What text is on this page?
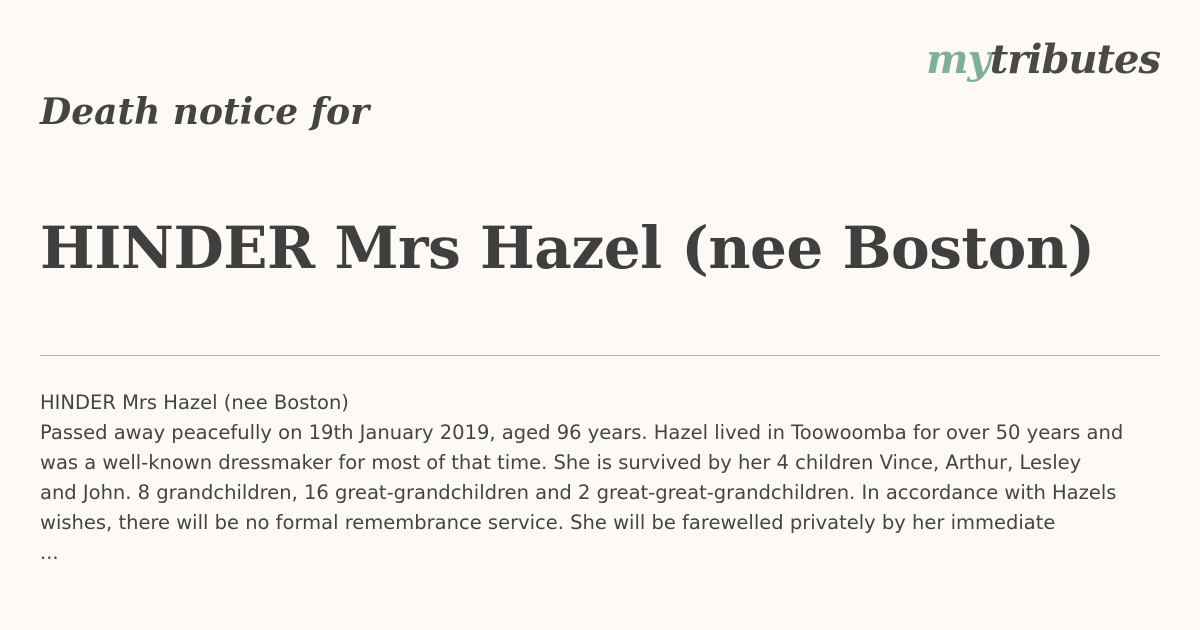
mytributes
Death notice for
HINDER Mrs Hazel (nee Boston)
HINDER Mrs Hazel (nee Boston)
Passed away peacefully on 19th January 2019, aged 96 years. Hazel lived in Toowoomba for over 50 years and
was a well-known dressmaker for most of that time. She is survived by her 4 children Vince, Arthur, Lesley
and John. 8 grandchildren, 16 great-grandchildren and 2 great-great-grandchildren. In accordance with Hazels
wishes, there will be no formal remembrance service. She will be farewelled privately by her immediate
...
